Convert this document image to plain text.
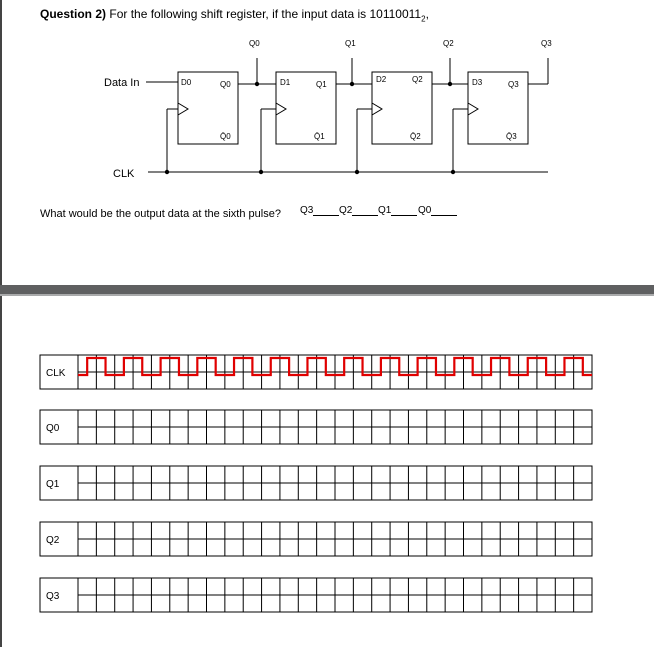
Question 2) For the following shift register, if the input data is $10110011_2$,
Data In
CLK
D0	Q0
Q̄0
Q0
D1	Q1
Q̄1
Q1
D2	Q2
Q̄2
Q2
D3	Q3
Q̄3
Q3
What would be the output data at the sixth pulse? Q3	Q2	Q1	Q0
CLK
Q0
Q1
Q2
Q3
